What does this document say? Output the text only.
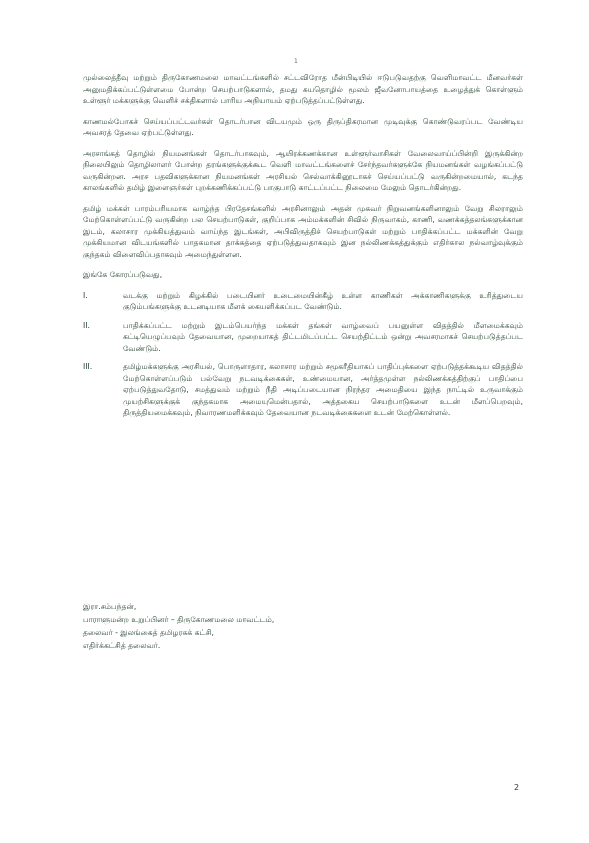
1

முல்லைத்தீவு மற்றும் திருகோணமலை மாவட்டங்களில் சட்டவிரோத மீன்பிடியில் ஈடுபடுவதற்கு வெளிமாவட்ட மீனவர்கள் அனுமதிக்கப்பட்டுள்ளமை போன்ற செயற்பாடுகளால், தமது சுயதொழில் மூலம் ஜீவனோபாயத்தை உழைத்துக் கொள்ளும் உள்ளூர் மக்களுக்கு வெளிச் சக்திகளால் பாரிய அநியாயம் ஏற்படுத்தப்பட்டுள்ளது.

காணமல்போகச் செய்யப்பட்டவர்கள் தொடர்பான விடயமும் ஒரு திருப்திகரமான முடிவுக்கு கொண்டுவரப்பட வேண்டிய அவசரத் தேவை ஏற்பட்டுள்ளது.

அரசாங்கத் தொழில் நியமனங்கள் தொடர்பாகவும், ஆயிரக்கணக்கான உள்ளூர்வாசிகள் வேலைவாய்ப்பின்றி இருக்கின்ற நிலையிலும் தொழிலாளர் போன்ற தரங்களுக்குக்கூட வெளி மாவட்டங்களைச் சேர்ந்தவர்களுக்கே நியமனங்கள் வழங்கப்பட்டு வருகின்றன. அரச பதவிகளுக்கான நியமனங்கள் அரசியல் செல்வாக்கினூடாகச் செய்யப்பட்டு வருகின்றமையால், கடந்த காலங்களில் தமிழ் இளைஞர்கள் புறக்கணிக்கப்பட்டு பாகுபாடு காட்டப்பட்ட நிலைமை மேலும் தொடர்கின்றது.

தமிழ் மக்கள் பாரம்பரியமாக வாழ்ந்த பிரதேசங்களில் அரசினாலும் அதன் முகவர் நிறுவனங்களினாலும் வேறு சிலராலும் மேற்கொள்ளப்பட்டு வருகின்ற பல செயற்பாடுகள், குறிப்பாக அம்மக்களின் சிவில் நிருவாகம், காணி, வணக்கத்தலங்களுக்கான இடம், கலாசார முக்கியத்துவம் வாய்ந்த இடங்கள், அபிவிருத்திச் செயற்பாடுகள் மற்றும் பாதிக்கப்பட்ட மக்களின் வேறு முக்கியமான விடயங்களில் பாதகமான தாக்கத்தை ஏற்படுத்துவதாகவும் இன நல்லிணக்கத்துக்கும் எதிர்கால நல்வாழ்வுக்கும் குந்தகம் விளைவிப்பதாகவும் அமைந்துள்ளன.

இங்கே கோரப்படுவது,

I.	வடக்கு மற்றும் கிழக்கில் படையினர் உடைமையின்கீழ் உள்ள காணிகள் அக்காணிகளுக்கு உரித்துடைய குடும்பங்களுக்கு உடனடியாக மீளக் கையளிக்கப்பட வேண்டும்.
II.	பாதிக்கப்பட்ட மற்றும் இடம்பெயர்ந்த மக்கள் தங்கள் வாழ்வைப் பயனுள்ள விதத்தில் மீளமைக்கவும் கட்டியெழுப்பவும் தேவையான, முறையாகத் திட்டமிடப்பட்ட செயற்திட்டம் ஒன்று அவசரமாகச் செயற்படுத்தப்பட வேண்டும்.
III.	தமிழ்மக்களுக்கு அரசியல், பொருளாதார, கலாசார மற்றும் சமூகரீதியாகப் பாதிப்புக்களை ஏற்படுத்தக்கூடிய விதத்தில் மேற்கொள்ளப்படும் பல்வேறு நடவடிக்கைகள், உண்மையான, அர்த்தமுள்ள நல்லிணக்கத்திற்குப் பாதிப்பை ஏற்படுத்துவதோடு, சமத்துவம் மற்றும் நீதி அடிப்படையான நிரந்தர அமைதியை இந்த நாட்டில் உருவாக்கும் முயற்சிகளுக்குக் குந்தகமாக அமையுமென்பதால், அத்தகைய செயற்பாடுகளை உடன் மீளப்பெறவும், திருத்தியமைக்கவும், நிவாரணமளிக்கவும் தேவையான நடவடிக்கைகளை உடன் மேற்கொள்ளல்.
இரா.சம்பந்தன்,
பாராளுமன்ற உறுப்பினர் – திருகோணமலை மாவட்டம்,
தலைவர் - இலங்கைத் தமிழரசுக் கட்சி,
எதிர்க்கட்சித் தலைவர்.
2
